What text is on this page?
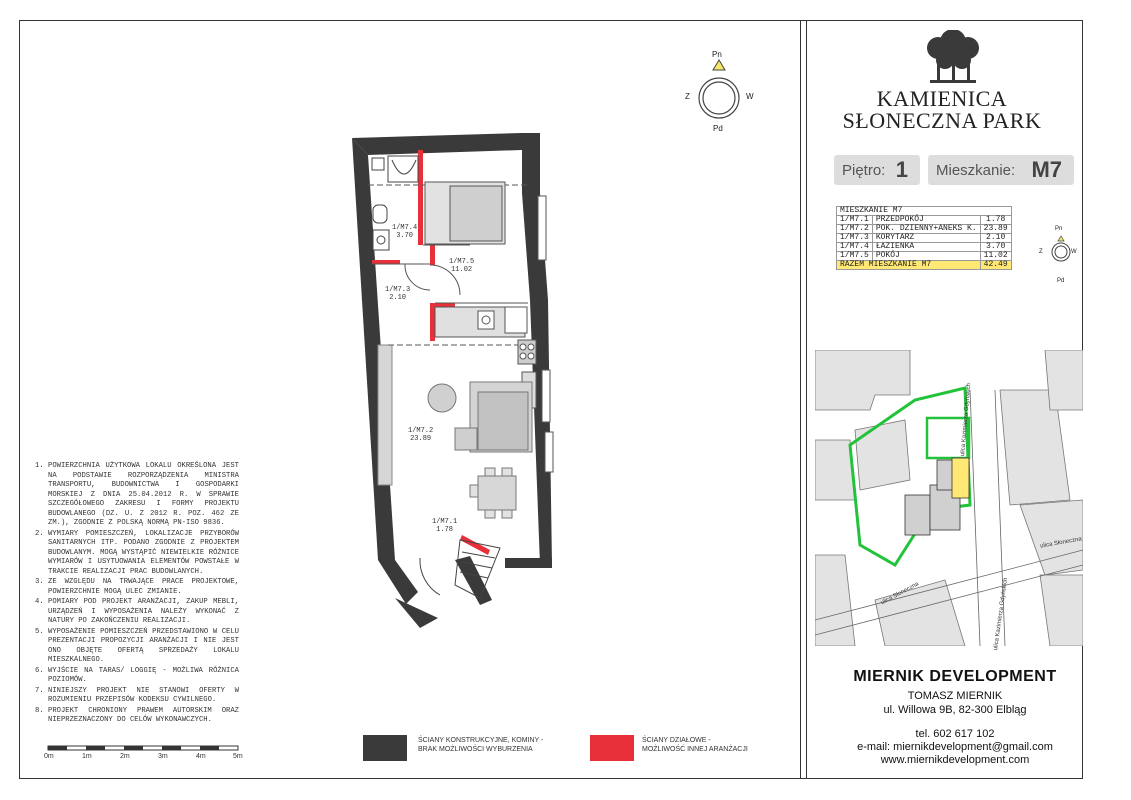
Pn
Pd
Z	W
1/M7.4
3.70
1/M7.3
2.10
1/M7.5
11.02
1/M7.2
23.89
1/M7.1
1.78
1. POWIERZCHNIA UŻYTKOWA LOKALU OKREŚLONA JEST NA PODSTAWIE ROZPORZĄDZENIA MINISTRA TRANSPORTU, BUDOWNICTWA I GOSPODARKI MORSKIEJ Z DNIA 25.04.2012 R. W SPRAWIE SZCZEGÓŁOWEGO ZAKRESU I FORMY PROJEKTU BUDOWLANEGO (DZ. U. Z 2012 R. POZ. 462 ZE ZM.), ZGODNIE Z POLSKĄ NORMĄ PN-ISO 9836.
2. WYMIARY POMIESZCZEŃ, LOKALIZACJE PRZYBORÓW SANITARNYCH ITP. PODANO ZGODNIE Z PROJEKTEM BUDOWLANYM. MOGĄ WYSTĄPIĆ NIEWIELKIE RÓŻNICE WYMIARÓW I USYTUOWANIA ELEMENTÓW POWSTAŁE W TRAKCIE REALIZACJI PRAC BUDOWLANYCH.
3. ZE WZGLĘDU NA TRWAJĄCE PRACE PROJEKTOWE, POWIERZCHNIE MOGĄ ULEC ZMIANIE.
4. POMIARY POD PROJEKT ARANŻACJI, ZAKUP MEBLI, URZĄDZEŃ I WYPOSAŻENIA NALEŻY WYKONAĆ Z NATURY PO ZAKOŃCZENIU REALIZACJI.
5. WYPOSAŻENIE POMIESZCZEŃ PRZEDSTAWIONO W CELU PREZENTACJI PROPOZYCJI ARANŻACJI I NIE JEST ONO OBJĘTE OFERTĄ SPRZEDAŻY LOKALU MIESZKALNEGO.
6. WYJŚCIE NA TARAS/ LOGGIĘ - MOŻLIWA RÓŻNICA POZIOMÓW.
7. NINIEJSZY PROJEKT NIE STANOWI OFERTY W ROZUMIENIU PRZEPISÓW KODEKSU CYWILNEGO.
8. PROJEKT CHRONIONY PRAWEM AUTORSKIM ORAZ NIEPRZEZNACZONY DO CELÓW WYKONAWCZYCH.
0m	1m	2m	3m	4m	5m
ŚCIANY KONSTRUKCYJNE, KOMINY - BRAK MOŻLIWOŚCI WYBURZENIA
ŚCIANY DZIAŁOWE - MOŻLIWOŚĆ INNEJ ARANŻACJI
KAMIENICA
SŁONECZNA PARK
Piętro: 1	Mieszkanie: M7
MIESZKANIE M7		
1/M7.1	PRZEDPOKÓJ	1.78
1/M7.2	POK. DZIENNY+ANEKS K.	23.89
1/M7.3	KORYTARZ	2.10
1/M7.4	ŁAZIENKA	3.70
1/M7.5	POKÓJ	11.02
RAZEM MIESZKANIE M7		42.49
Pn
Pd
Z	W
ulica Kazimierza Gdyńskich
ulica Słoneczna
ulica Słoneczna	ulica Kazimierza Gdyńskich
MIERNIK DEVELOPMENT
TOMASZ MIERNIK
ul. Willowa 9B, 82-300 Elbląg
tel. 602 617 102
e-mail: miernikdevelopment@gmail.com
www.miernikdevelopment.com
